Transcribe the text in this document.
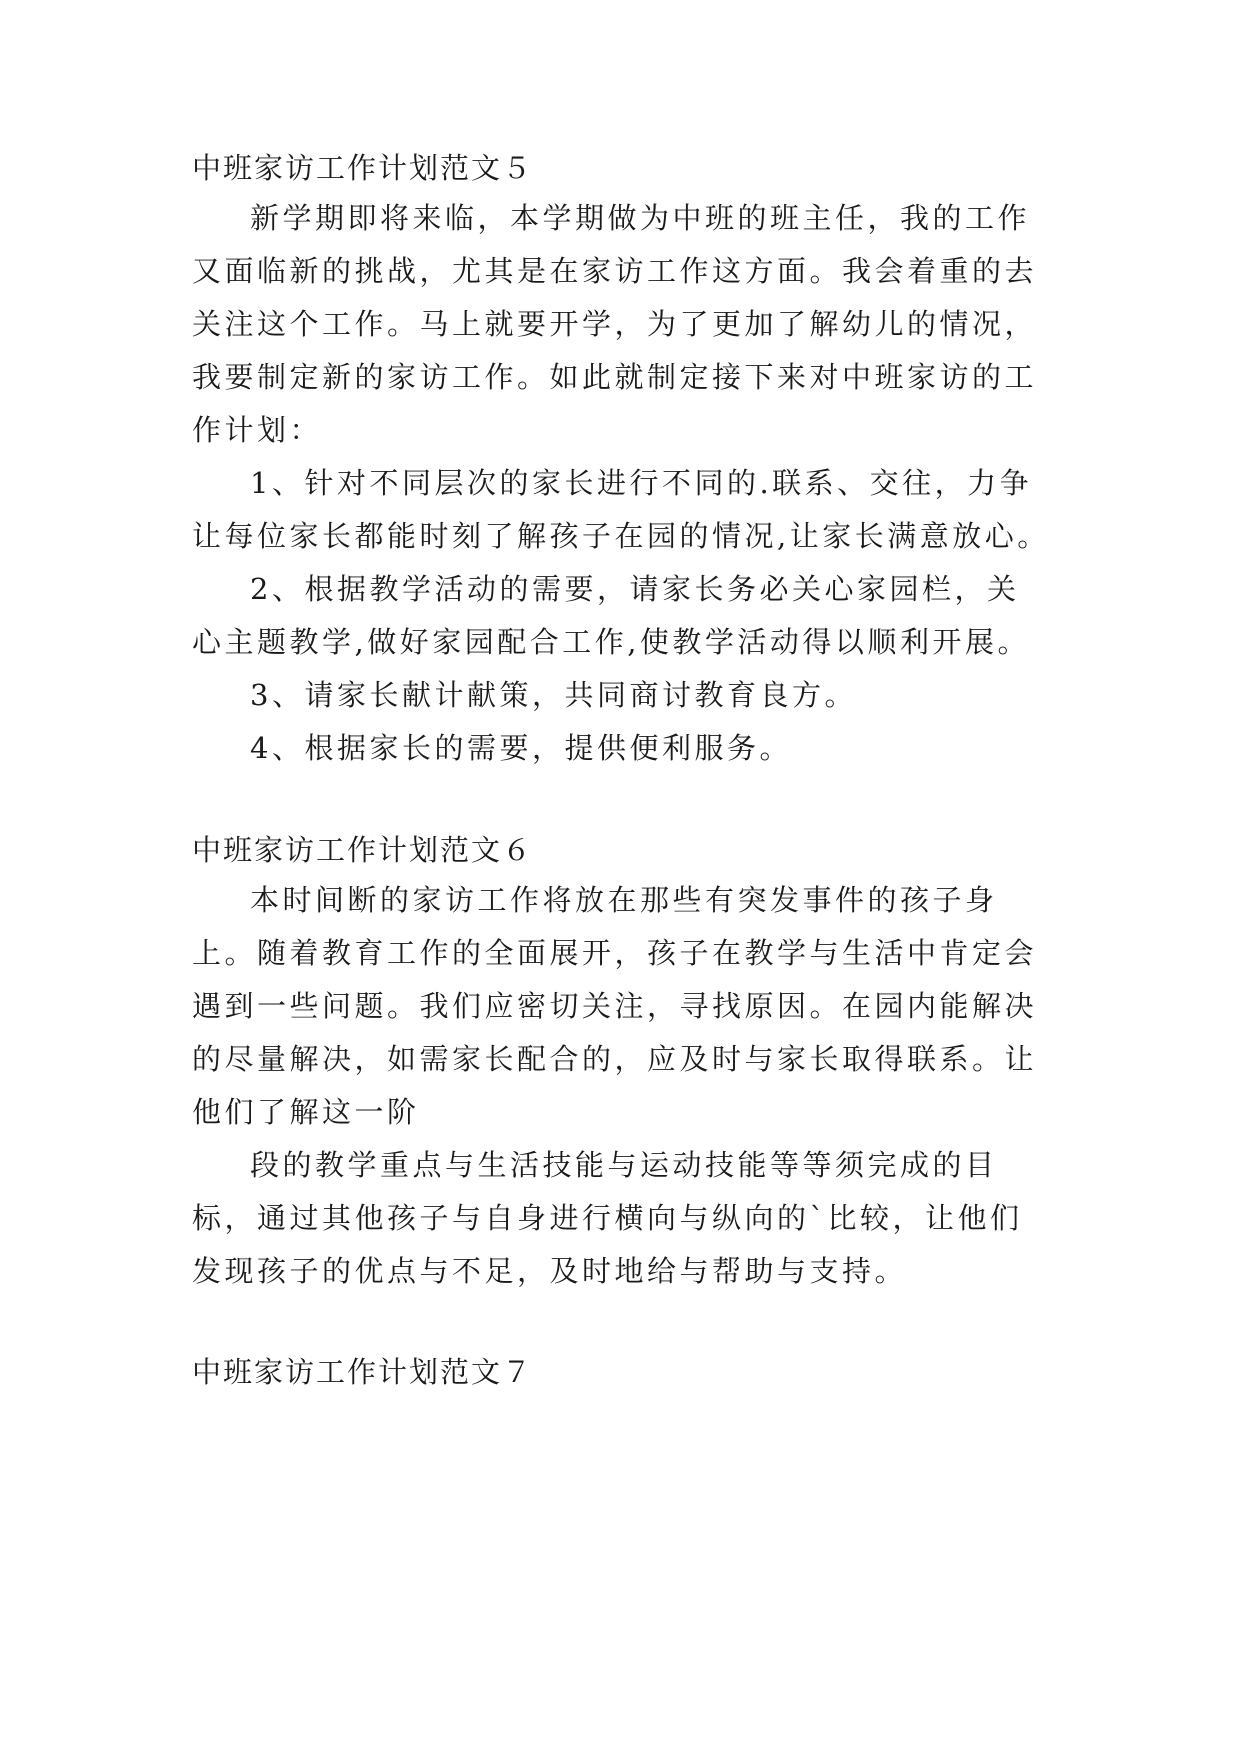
中班家访工作计划范文５
新学期即将来临，本学期做为中班的班主任，我的工作
又面临新的挑战，尤其是在家访工作这方面。我会着重的去
关注这个工作。马上就要开学，为了更加了解幼儿的情况，
我要制定新的家访工作。如此就制定接下来对中班家访的工
作计划：
1、针对不同层次的家长进行不同的.联系、交往，力争
让每位家长都能时刻了解孩子在园的情况,让家长满意放心。
2、根据教学活动的需要，请家长务必关心家园栏，关
心主题教学,做好家园配合工作,使教学活动得以顺利开展。
3、请家长献计献策，共同商讨教育良方。
4、根据家长的需要，提供便利服务。
中班家访工作计划范文６
本时间断的家访工作将放在那些有突发事件的孩子身
上。随着教育工作的全面展开，孩子在教学与生活中肯定会
遇到一些问题。我们应密切关注，寻找原因。在园内能解决
的尽量解决，如需家长配合的，应及时与家长取得联系。让
他们了解这一阶
段的教学重点与生活技能与运动技能等等须完成的目
标，通过其他孩子与自身进行横向与纵向的`比较，让他们
发现孩子的优点与不足，及时地给与帮助与支持。
中班家访工作计划范文７
